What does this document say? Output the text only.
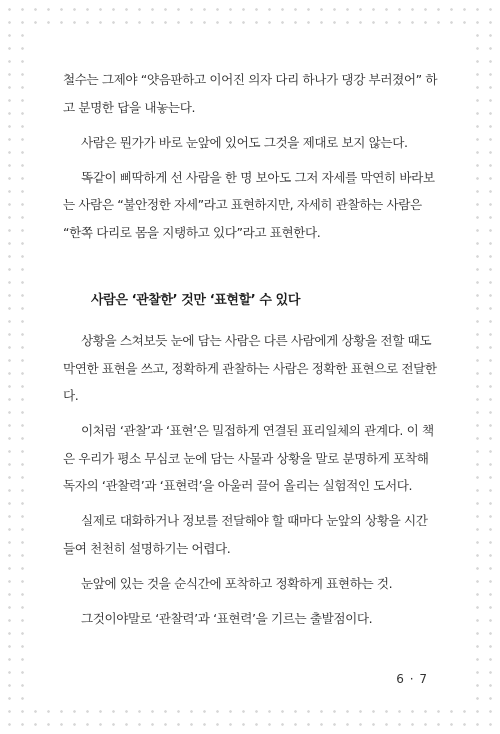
철수는 그제야 “얏음판하고 이어진 의자 다리 하나가 댕강 부러졌어” 하고 분명한 답을 내놓는다.

사람은 뭔가가 바로 눈앞에 있어도 그것을 제대로 보지 않는다.

똑같이 삐딱하게 선 사람을 한 명 보아도 그저 자세를 막연히 바라보는 사람은 “불안정한 자세”라고 표현하지만, 자세히 관찰하는 사람은 “한쪽 다리로 몸을 지탱하고 있다”라고 표현한다.

사람은 ‘관찰한’ 것만 ‘표현할’ 수 있다

상황을 스쳐보듯 눈에 담는 사람은 다른 사람에게 상황을 전할 때도 막연한 표현을 쓰고, 정확하게 관찰하는 사람은 정확한 표현으로 전달한다.

이처럼 ‘관찰’과 ‘표현’은 밀접하게 연결된 표리일체의 관계다. 이 책은 우리가 평소 무심코 눈에 담는 사물과 상황을 말로 분명하게 포착해 독자의 ‘관찰력’과 ‘표현력’을 아울러 끌어 올리는 실험적인 도서다.

실제로 대화하거나 정보를 전달해야 할 때마다 눈앞의 상황을 시간 들여 천천히 설명하기는 어렵다.

눈앞에 있는 것을 순식간에 포착하고 정확하게 표현하는 것.

그것이야말로 ‘관찰력’과 ‘표현력’을 기르는 출발점이다.

6 · 7
